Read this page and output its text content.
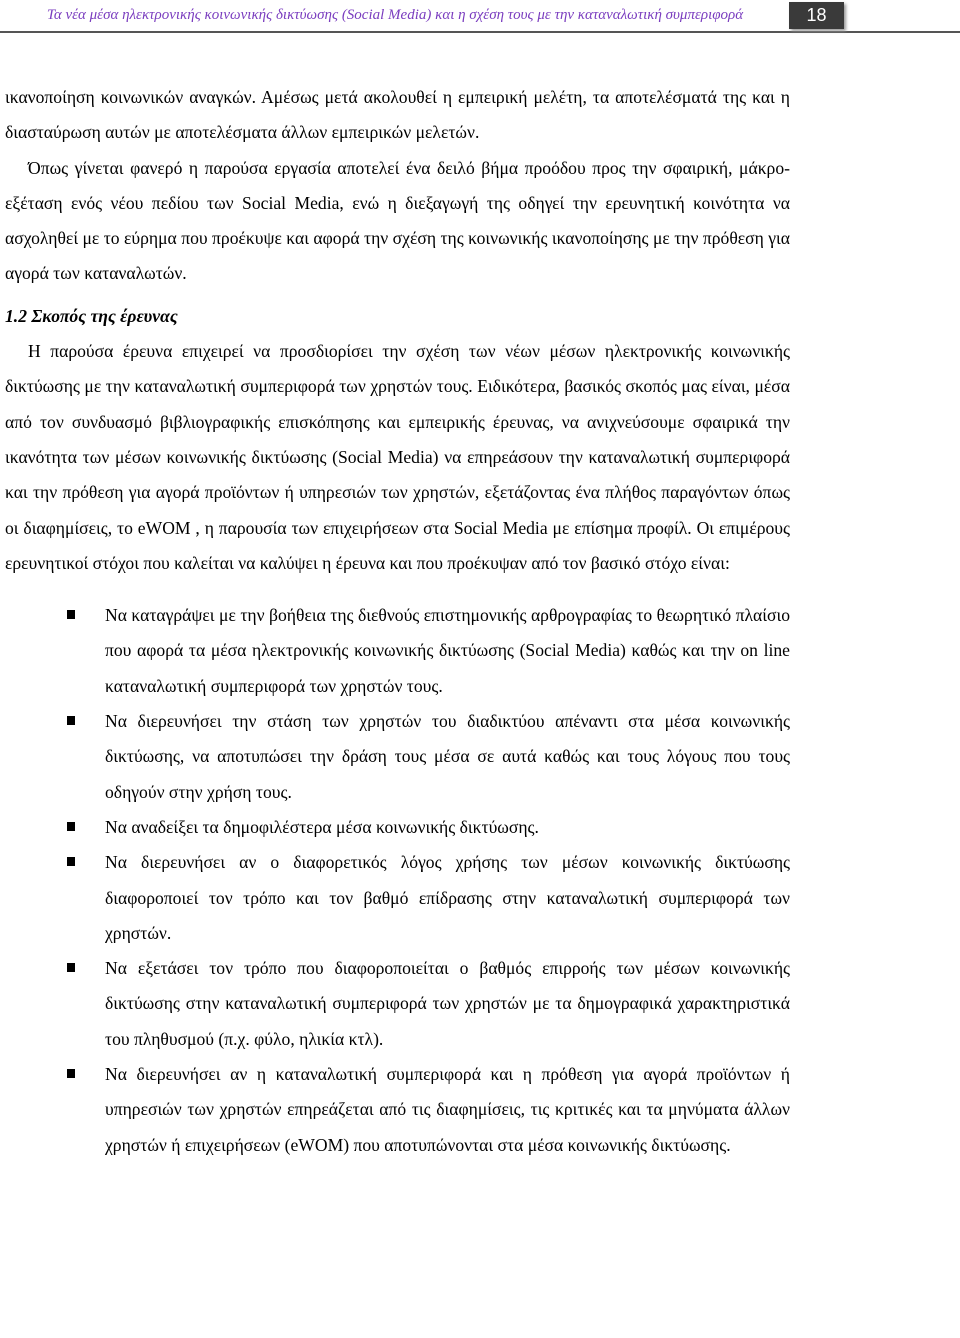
Τα νέα μέσα ηλεκτρονικής κοινωνικής δικτύωσης (Social Media) και η σχέση τους με την καταναλωτική συμπεριφορά	18

ικανοποίηση κοινωνικών αναγκών. Αμέσως μετά ακολουθεί η εμπειρική μελέτη, τα αποτελέσματά της και η διασταύρωση αυτών με αποτελέσματα άλλων εμπειρικών μελετών.

Όπως γίνεται φανερό η παρούσα εργασία αποτελεί ένα δειλό βήμα προόδου προς την σφαιρική, μάκρο- εξέταση ενός νέου πεδίου των Social Media, ενώ η διεξαγωγή της οδηγεί την ερευνητική κοινότητα να ασχοληθεί με το εύρημα που προέκυψε και αφορά την σχέση της κοινωνικής ικανοποίησης με την πρόθεση για αγορά των καταναλωτών.

1.2 Σκοπός της έρευνας

Η παρούσα έρευνα επιχειρεί να προσδιορίσει την σχέση των νέων μέσων ηλεκτρονικής κοινωνικής δικτύωσης με την καταναλωτική συμπεριφορά των χρηστών τους. Ειδικότερα, βασικός σκοπός μας είναι, μέσα από τον συνδυασμό βιβλιογραφικής επισκόπησης και εμπειρικής έρευνας, να ανιχνεύσουμε σφαιρικά την ικανότητα των μέσων κοινωνικής δικτύωσης (Social Media) να επηρεάσουν την καταναλωτική συμπεριφορά και την πρόθεση για αγορά προϊόντων ή υπηρεσιών των χρηστών, εξετάζοντας ένα πλήθος παραγόντων όπως οι διαφημίσεις, το eWOM , η παρουσία των επιχειρήσεων στα Social Media με επίσημα προφίλ. Οι επιμέρους ερευνητικοί στόχοι που καλείται να καλύψει η έρευνα και που προέκυψαν από τον βασικό στόχο είναι:

Να καταγράψει με την βοήθεια της διεθνούς επιστημονικής αρθρογραφίας το θεωρητικό πλαίσιο που αφορά τα μέσα ηλεκτρονικής κοινωνικής δικτύωσης (Social Media) καθώς και την on line καταναλωτική συμπεριφορά των χρηστών τους.
Να διερευνήσει την στάση των χρηστών του διαδικτύου απέναντι στα μέσα κοινωνικής δικτύωσης, να αποτυπώσει την δράση τους μέσα σε αυτά καθώς και τους λόγους που τους οδηγούν στην χρήση τους.
Να αναδείξει τα δημοφιλέστερα μέσα κοινωνικής δικτύωσης.
Να διερευνήσει αν ο διαφορετικός λόγος χρήσης των μέσων κοινωνικής δικτύωσης διαφοροποιεί τον τρόπο και τον βαθμό επίδρασης στην καταναλωτική συμπεριφορά των χρηστών.
Να εξετάσει τον τρόπο που διαφοροποιείται ο βαθμός επιρροής των μέσων κοινωνικής δικτύωσης στην καταναλωτική συμπεριφορά των χρηστών με τα δημογραφικά χαρακτηριστικά του πληθυσμού (π.χ. φύλο, ηλικία κτλ).
Να διερευνήσει αν η καταναλωτική συμπεριφορά και η πρόθεση για αγορά προϊόντων ή υπηρεσιών των χρηστών επηρεάζεται από τις διαφημίσεις, τις κριτικές και τα μηνύματα άλλων χρηστών ή επιχειρήσεων (eWOM) που αποτυπώνονται στα μέσα κοινωνικής δικτύωσης.
